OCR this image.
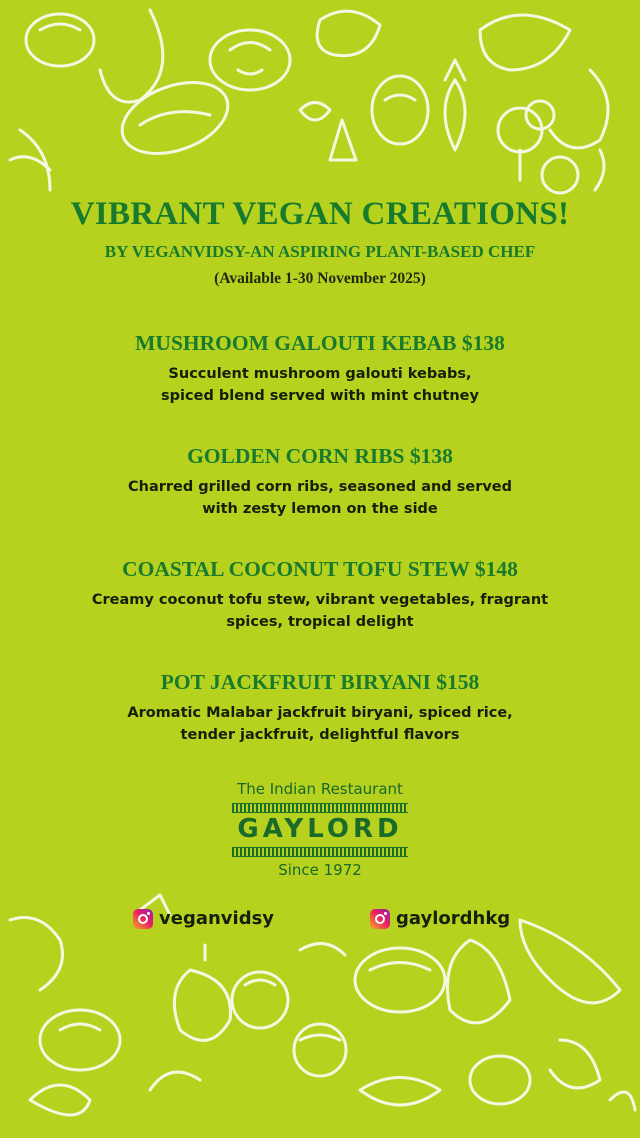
VIBRANT VEGAN CREATIONS!
BY VEGANVIDSY-AN ASPIRING PLANT-BASED CHEF
(Available 1-30 November 2025)
MUSHROOM GALOUTI KEBAB $138
Succulent mushroom galouti kebabs,
spiced blend served with mint chutney
GOLDEN CORN RIBS $138
Charred grilled corn ribs, seasoned and served
with zesty lemon on the side
COASTAL COCONUT TOFU STEW $148
Creamy coconut tofu stew, vibrant vegetables, fragrant
spices, tropical delight
POT JACKFRUIT BIRYANI $158
Aromatic Malabar jackfruit biryani, spiced rice,
tender jackfruit, delightful flavors
The Indian Restaurant
GAYLORD
Since 1972
veganvidsy	gaylordhkg
